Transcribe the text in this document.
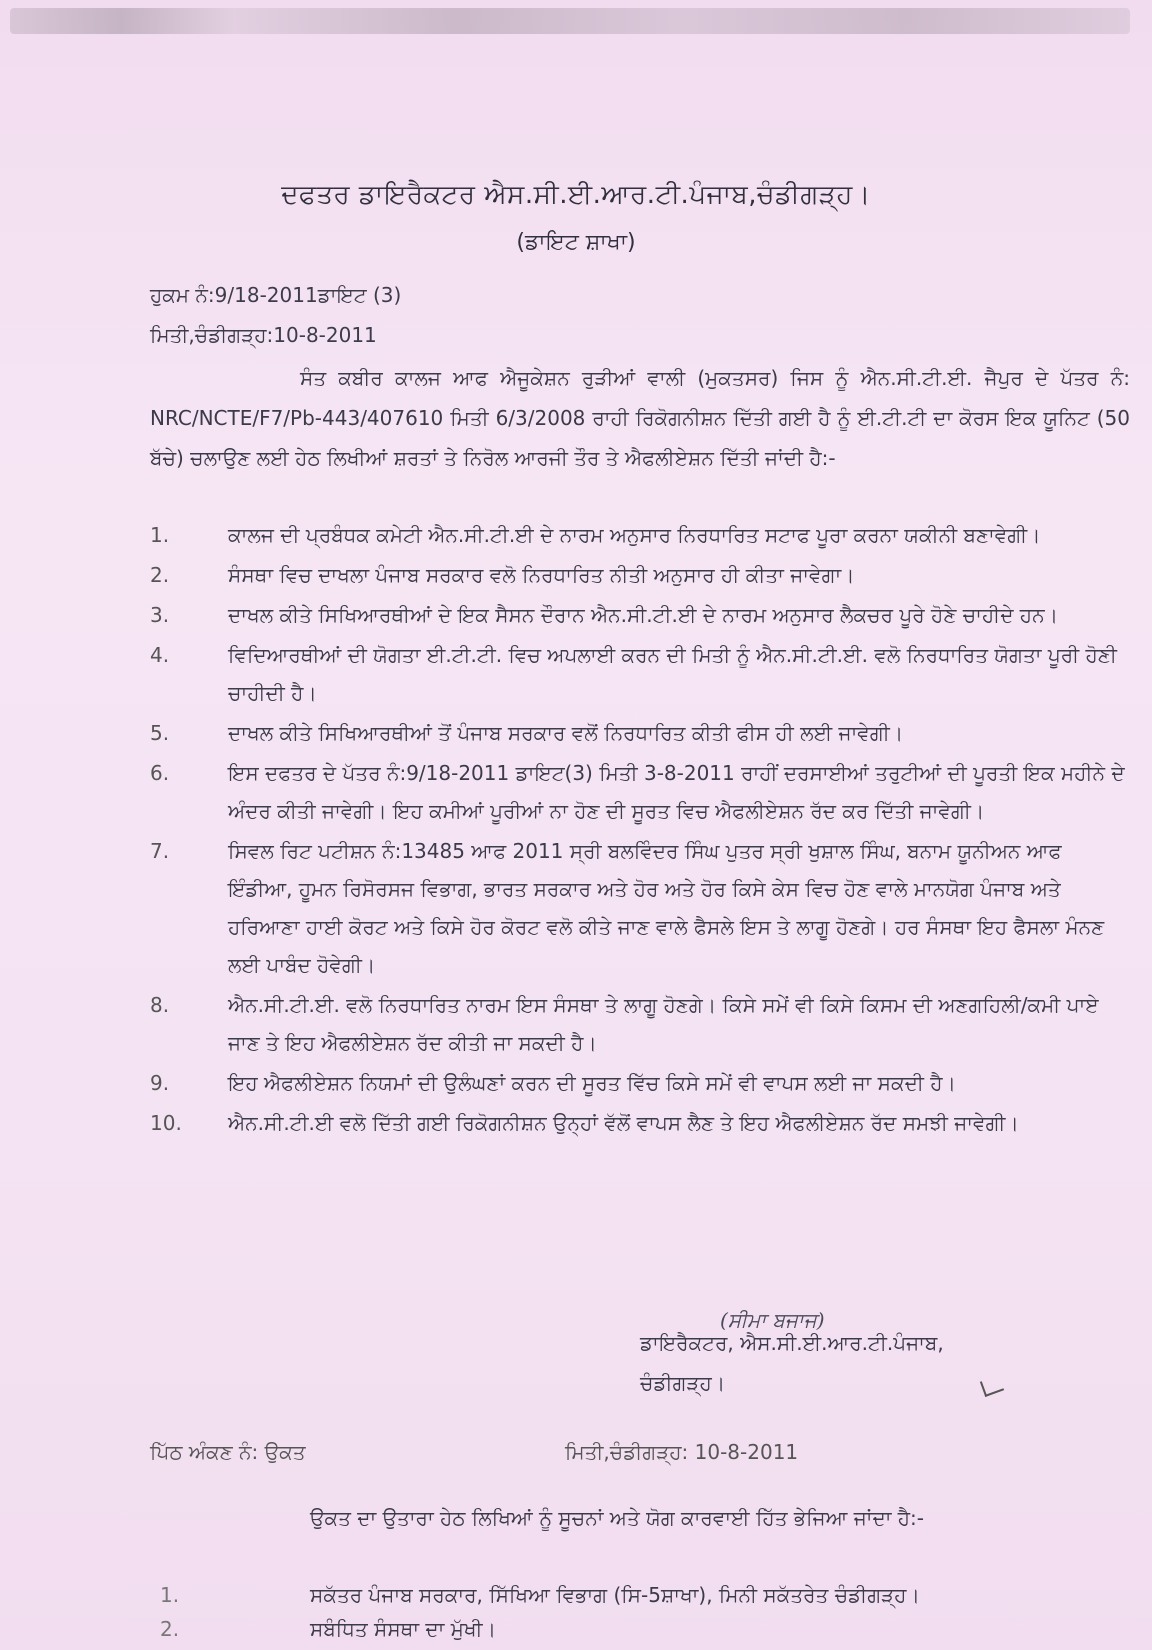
ਦਫਤਰ ਡਾਇਰੈਕਟਰ ਐਸ.ਸੀ.ਈ.ਆਰ.ਟੀ.ਪੰਜਾਬ,ਚੰਡੀਗੜ੍ਹ।
(ਡਾਇਟ ਸ਼ਾਖਾ)
ਹੁਕਮ ਨੰ:9/18-2011ਡਾਇਟ (3)
ਮਿਤੀ,ਚੰਡੀਗੜ੍ਹ:10-8-2011
ਸੰਤ ਕਬੀਰ ਕਾਲਜ ਆਫ ਐਜੂਕੇਸ਼ਨ ਰੁੜੀਆਂ ਵਾਲੀ (ਮੁਕਤਸਰ) ਜਿਸ ਨੂੰ ਐਨ.ਸੀ.ਟੀ.ਈ. ਜੈਪੁਰ ਦੇ ਪੱਤਰ ਨੰ: NRC/NCTE/F7/Pb-443/407610 ਮਿਤੀ 6/3/2008 ਰਾਹੀ ਰਿਕੋਗਨੀਸ਼ਨ ਦਿੱਤੀ ਗਈ ਹੈ ਨੂੰ ਈ.ਟੀ.ਟੀ ਦਾ ਕੋਰਸ ਇਕ ਯੂਨਿਟ (50 ਬੱਚੇ) ਚਲਾਉਣ ਲਈ ਹੇਠ ਲਿਖੀਆਂ ਸ਼ਰਤਾਂ ਤੇ ਨਿਰੋਲ ਆਰਜੀ ਤੌਰ ਤੇ ਐਫਲੀਏਸ਼ਨ ਦਿੱਤੀ ਜਾਂਦੀ ਹੈ:-
1.	ਕਾਲਜ ਦੀ ਪ੍ਰਬੰਧਕ ਕਮੇਟੀ ਐਨ.ਸੀ.ਟੀ.ਈ ਦੇ ਨਾਰਮ ਅਨੁਸਾਰ ਨਿਰਧਾਰਿਤ ਸਟਾਫ ਪੂਰਾ ਕਰਨਾ ਯਕੀਨੀ ਬਣਾਵੇਗੀ।
2.	ਸੰਸਥਾ ਵਿਚ ਦਾਖਲਾ ਪੰਜਾਬ ਸਰਕਾਰ ਵਲੋ ਨਿਰਧਾਰਿਤ ਨੀਤੀ ਅਨੁਸਾਰ ਹੀ ਕੀਤਾ ਜਾਵੇਗਾ।
3.	ਦਾਖਲ ਕੀਤੇ ਸਿਖਿਆਰਥੀਆਂ ਦੇ ਇਕ ਸੈਸਨ ਦੌਰਾਨ ਐਨ.ਸੀ.ਟੀ.ਈ ਦੇ ਨਾਰਮ ਅਨੁਸਾਰ ਲੈਕਚਰ ਪੂਰੇ ਹੋਣੇ ਚਾਹੀਦੇ ਹਨ।
4.	ਵਿਦਿਆਰਥੀਆਂ ਦੀ ਯੋਗਤਾ ਈ.ਟੀ.ਟੀ. ਵਿਚ ਅਪਲਾਈ ਕਰਨ ਦੀ ਮਿਤੀ ਨੂੰ ਐਨ.ਸੀ.ਟੀ.ਈ. ਵਲੋ ਨਿਰਧਾਰਿਤ ਯੋਗਤਾ ਪੂਰੀ ਹੋਣੀ ਚਾਹੀਦੀ ਹੈ।
5.	ਦਾਖਲ ਕੀਤੇ ਸਿਖਿਆਰਥੀਆਂ ਤੋਂ ਪੰਜਾਬ ਸਰਕਾਰ ਵਲੋਂ ਨਿਰਧਾਰਿਤ ਕੀਤੀ ਫੀਸ ਹੀ ਲਈ ਜਾਵੇਗੀ।
6.	ਇਸ ਦਫਤਰ ਦੇ ਪੱਤਰ ਨੰ:9/18-2011 ਡਾਇਟ(3) ਮਿਤੀ 3-8-2011 ਰਾਹੀਂ ਦਰਸਾਈਆਂ ਤਰੁਟੀਆਂ ਦੀ ਪੂਰਤੀ ਇਕ ਮਹੀਨੇ ਦੇ ਅੰਦਰ ਕੀਤੀ ਜਾਵੇਗੀ। ਇਹ ਕਮੀਆਂ ਪੂਰੀਆਂ ਨਾ ਹੋਣ ਦੀ ਸੂਰਤ ਵਿਚ ਐਫਲੀਏਸ਼ਨ ਰੱਦ ਕਰ ਦਿੱਤੀ ਜਾਵੇਗੀ।
7.	ਸਿਵਲ ਰਿਟ ਪਟੀਸ਼ਨ ਨੰ:13485 ਆਫ 2011 ਸ੍ਰੀ ਬਲਵਿੰਦਰ ਸਿੰਘ ਪੁਤਰ ਸ੍ਰੀ ਖੁਸ਼ਾਲ ਸਿੰਘ, ਬਨਾਮ ਯੂਨੀਅਨ ਆਫ ਇੰਡੀਆ, ਹੂਮਨ ਰਿਸੋਰਸਜ ਵਿਭਾਗ, ਭਾਰਤ ਸਰਕਾਰ ਅਤੇ ਹੋਰ ਅਤੇ ਹੋਰ ਕਿਸੇ ਕੇਸ ਵਿਚ ਹੋਣ ਵਾਲੇ ਮਾਨਯੋਗ ਪੰਜਾਬ ਅਤੇ ਹਰਿਆਣਾ ਹਾਈ ਕੋਰਟ ਅਤੇ ਕਿਸੇ ਹੋਰ ਕੋਰਟ ਵਲੋ ਕੀਤੇ ਜਾਣ ਵਾਲੇ ਫੈਸਲੇ ਇਸ ਤੇ ਲਾਗੂ ਹੋਣਗੇ। ਹਰ ਸੰਸਥਾ ਇਹ ਫੈਸਲਾ ਮੰਨਣ ਲਈ ਪਾਬੰਦ ਹੋਵੇਗੀ।
8.	ਐਨ.ਸੀ.ਟੀ.ਈ. ਵਲੋ ਨਿਰਧਾਰਿਤ ਨਾਰਮ ਇਸ ਸੰਸਥਾ ਤੇ ਲਾਗੂ ਹੋਣਗੇ। ਕਿਸੇ ਸਮੇਂ ਵੀ ਕਿਸੇ ਕਿਸਮ ਦੀ ਅਣਗਹਿਲੀ/ਕਮੀ ਪਾਏ ਜਾਣ ਤੇ ਇਹ ਐਫਲੀਏਸ਼ਨ ਰੱਦ ਕੀਤੀ ਜਾ ਸਕਦੀ ਹੈ।
9.	ਇਹ ਐਫਲੀਏਸ਼ਨ ਨਿਯਮਾਂ ਦੀ ਉਲੰਘਣਾਂ ਕਰਨ ਦੀ ਸੂਰਤ ਵਿੱਚ ਕਿਸੇ ਸਮੇਂ ਵੀ ਵਾਪਸ ਲਈ ਜਾ ਸਕਦੀ ਹੈ।
10.	ਐਨ.ਸੀ.ਟੀ.ਈ ਵਲੋ ਦਿੱਤੀ ਗਈ ਰਿਕੋਗਨੀਸ਼ਨ ਉਨ੍ਹਾਂ ਵੱਲੋਂ ਵਾਪਸ ਲੈਣ ਤੇ ਇਹ ਐਫਲੀਏਸ਼ਨ ਰੱਦ ਸਮਝੀ ਜਾਵੇਗੀ।
(ਸੀਮਾ ਬਜਾਜ)
ਡਾਇਰੈਕਟਰ, ਐਸ.ਸੀ.ਈ.ਆਰ.ਟੀ.ਪੰਜਾਬ,
ਚੰਡੀਗੜ੍ਹ।
ਪਿੱਠ ਅੰਕਣ ਨੰ: ਉਕਤ	ਮਿਤੀ,ਚੰਡੀਗੜ੍ਹ: 10-8-2011
ਉਕਤ ਦਾ ਉਤਾਰਾ ਹੇਠ ਲਿਖਿਆਂ ਨੂੰ ਸੂਚਨਾਂ ਅਤੇ ਯੋਗ ਕਾਰਵਾਈ ਹਿੱਤ ਭੇਜਿਆ ਜਾਂਦਾ ਹੈ:-
1.	ਸਕੱਤਰ ਪੰਜਾਬ ਸਰਕਾਰ, ਸਿੱਖਿਆ ਵਿਭਾਗ (ਸਿ-5ਸ਼ਾਖਾ), ਮਿਨੀ ਸਕੱਤਰੇਤ ਚੰਡੀਗੜ੍ਹ।
2.	ਸਬੰਧਿਤ ਸੰਸਥਾ ਦਾ ਮੁੱਖੀ।
